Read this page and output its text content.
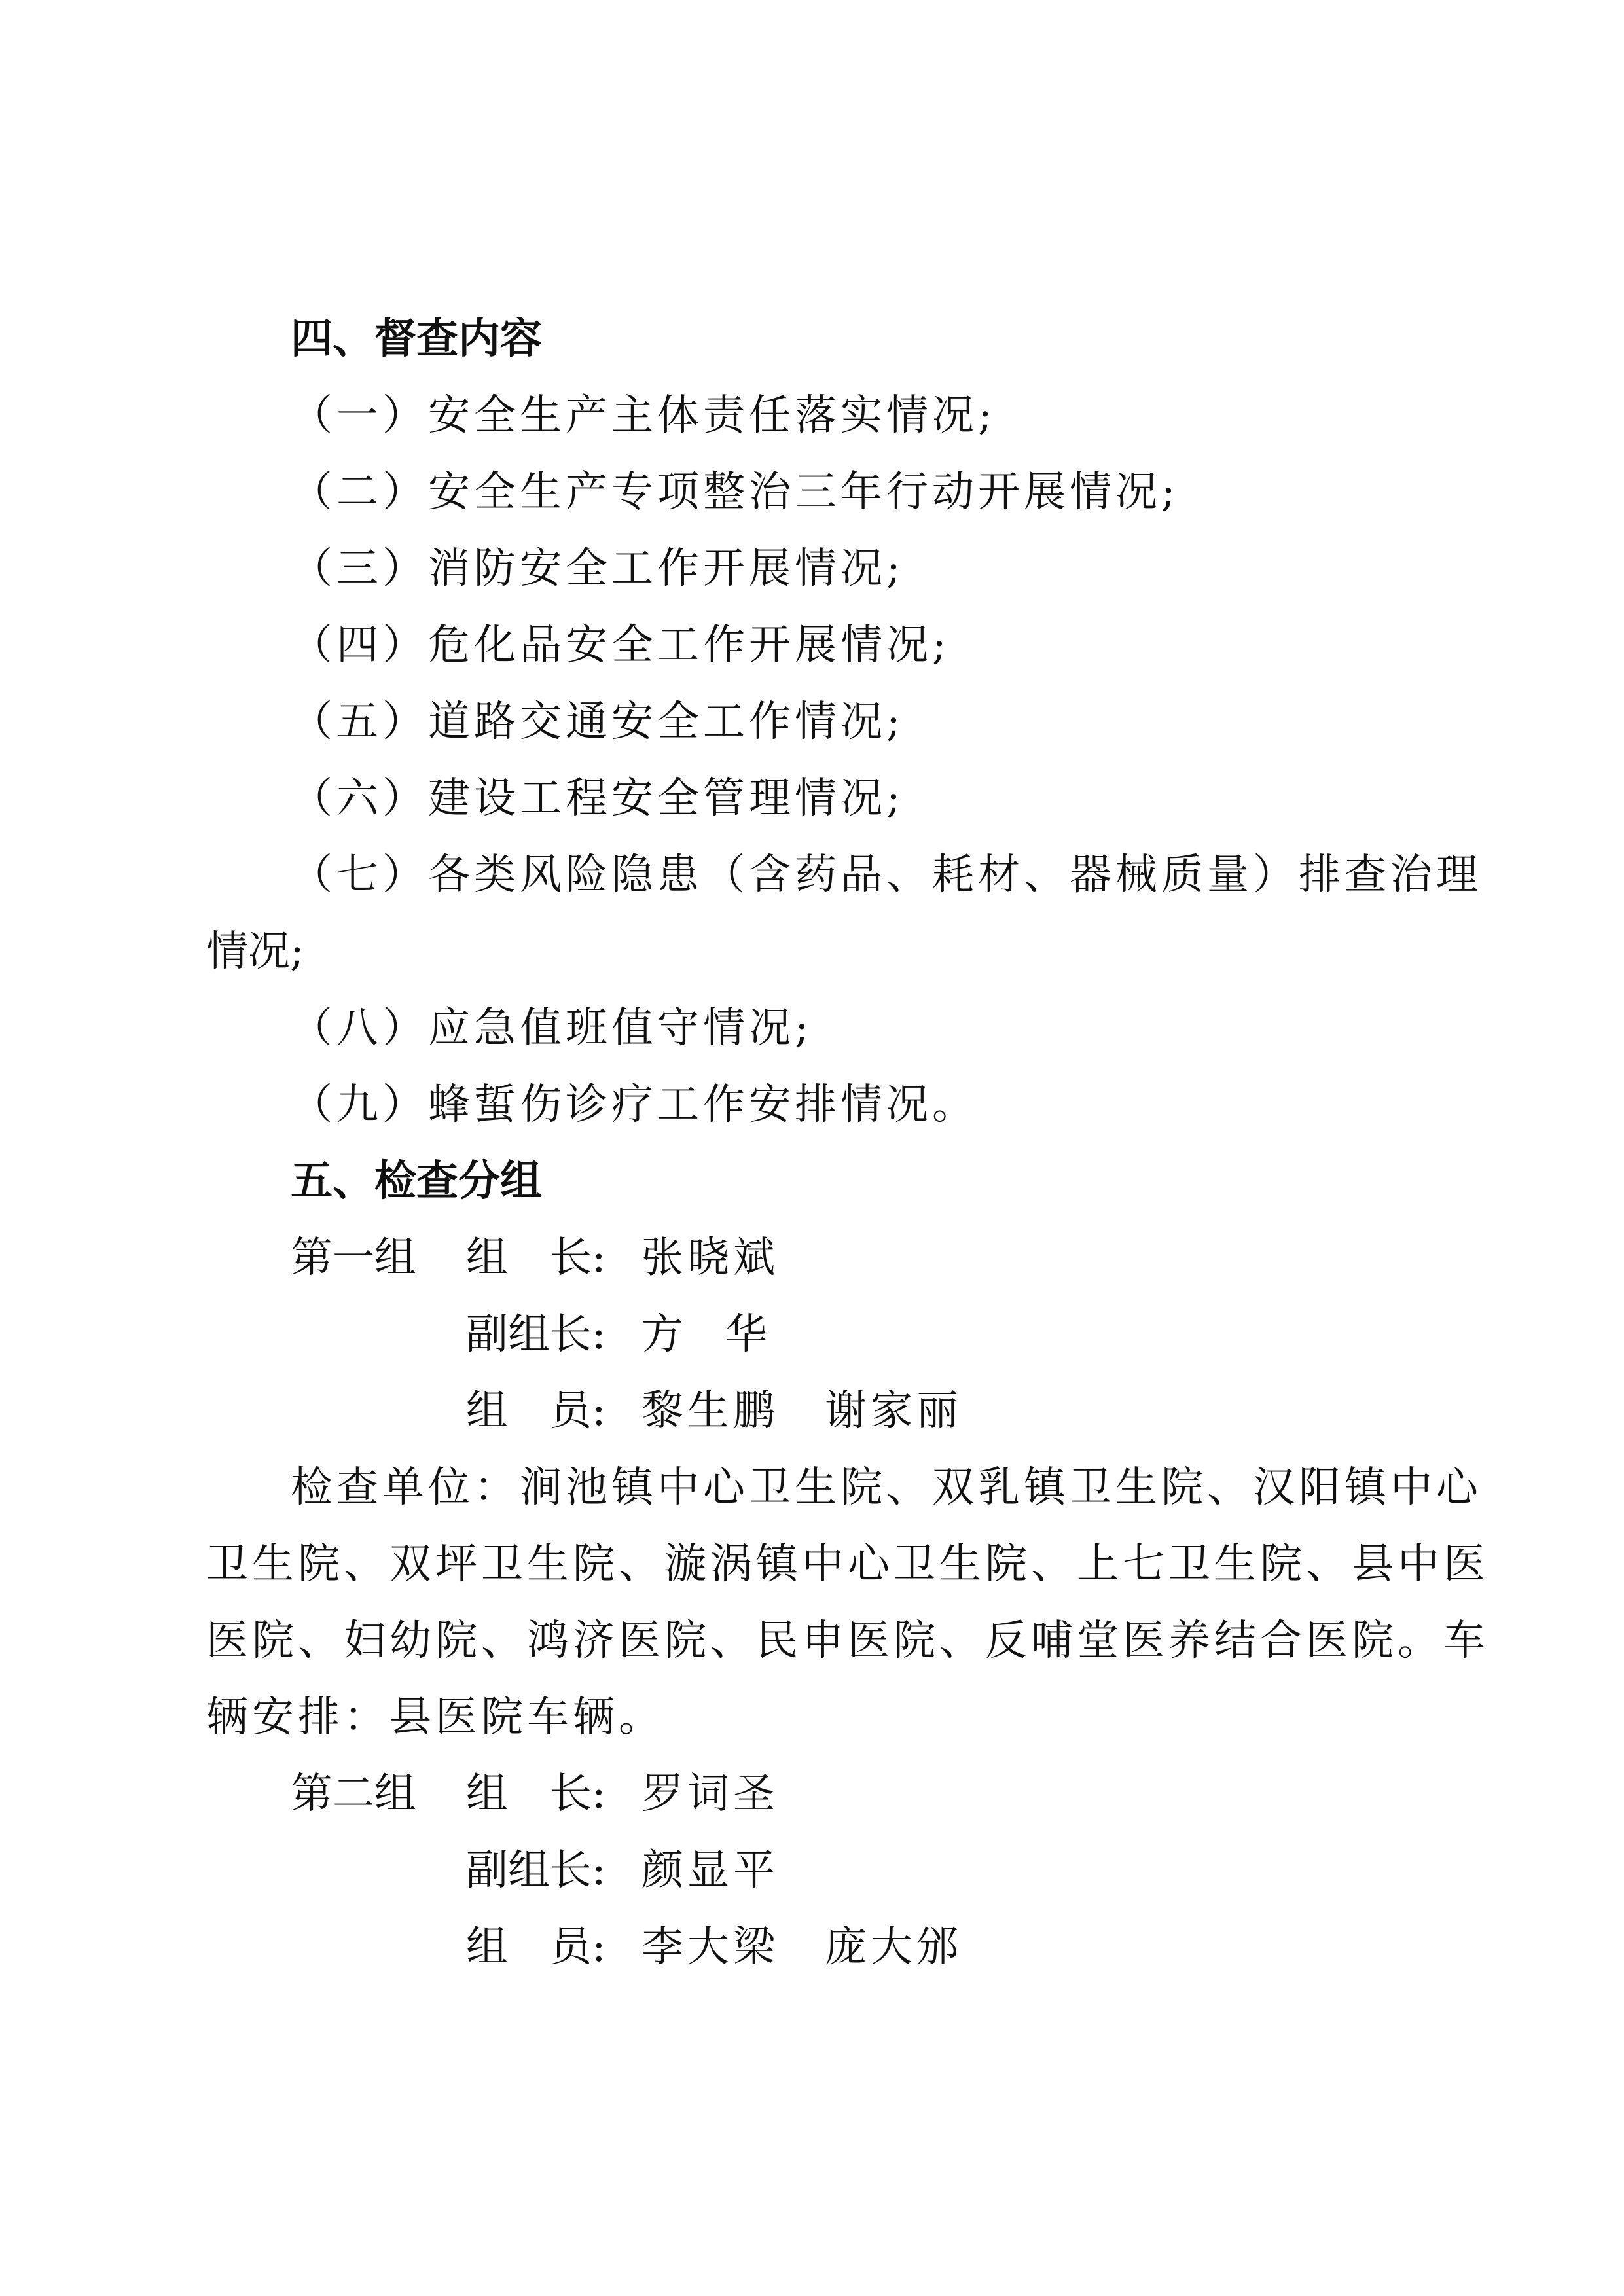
四、督查内容
（一）安全生产主体责任落实情况;
（二）安全生产专项整治三年行动开展情况;
（三）消防安全工作开展情况;
（四）危化品安全工作开展情况;
（五）道路交通安全工作情况;
（六）建设工程安全管理情况;
（七）各类风险隐患（含药品、耗材、器械质量）排查治理
情况;
（八）应急值班值守情况;
（九）蜂蜇伤诊疗工作安排情况。
五、检查分组
第一组 组　长: 张晓斌
副组长: 方　华
组　员: 黎生鹏　谢家丽
检查单位：涧池镇中心卫生院、双乳镇卫生院、汉阳镇中心
卫生院、双坪卫生院、漩涡镇中心卫生院、上七卫生院、县中医
医院、妇幼院、鸿济医院、民申医院、反哺堂医养结合医院。车
辆安排：县医院车辆。
第二组 组　长: 罗词圣
副组长: 颜显平
组　员: 李大梁　庞大邠
